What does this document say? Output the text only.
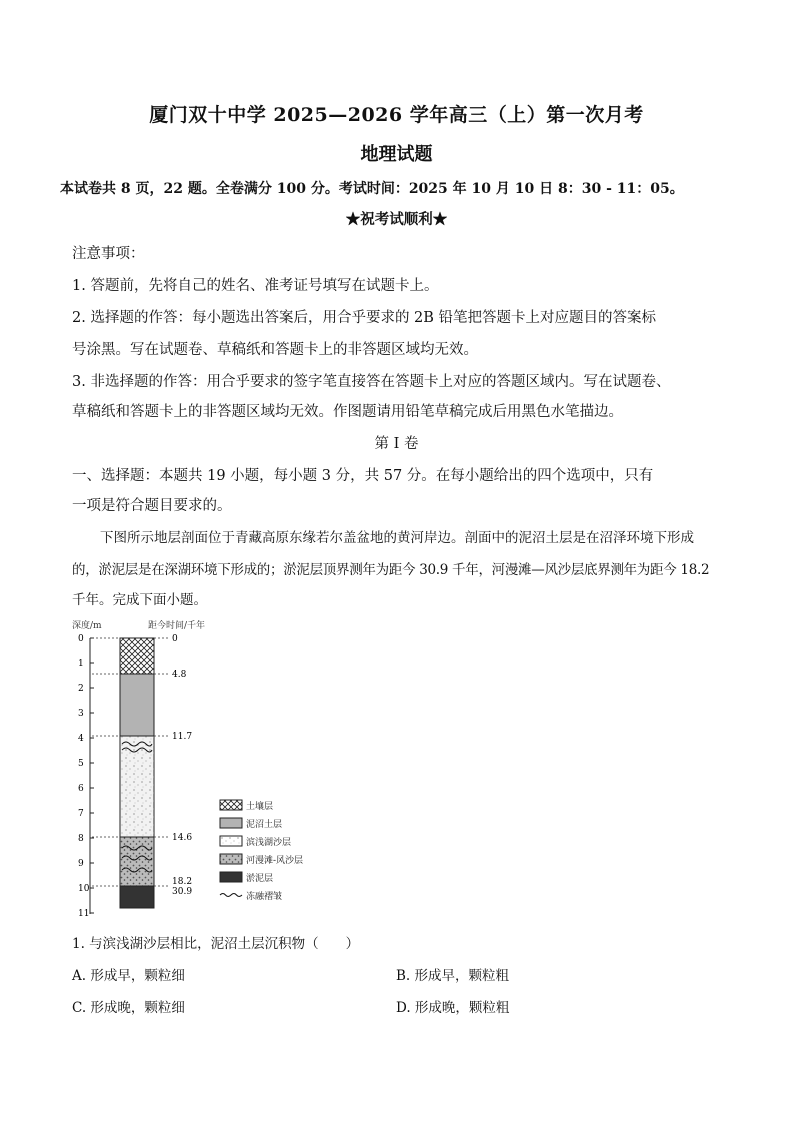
厦门双十中学 2025—2026 学年高三（上）第一次月考
地理试题
本试卷共 8 页，22 题。全卷满分 100 分。考试时间：2025 年 10 月 10 日 8：30 - 11：05。
★祝考试顺利★
注意事项：
1. 答题前，先将自己的姓名、准考证号填写在试题卡上。
2. 选择题的作答：每小题选出答案后，用合乎要求的 2B 铅笔把答题卡上对应题目的答案标
号涂黑。写在试题卷、草稿纸和答题卡上的非答题区域均无效。
3. 非选择题的作答：用合乎要求的签字笔直接答在答题卡上对应的答题区域内。写在试题卷、
草稿纸和答题卡上的非答题区域均无效。作图题请用铅笔草稿完成后用黑色水笔描边。
第 I 卷
一、选择题：本题共 19 小题，每小题 3 分，共 57 分。在每小题给出的四个选项中，只有
一项是符合题目要求的。
下图所示地层剖面位于青藏高原东缘若尔盖盆地的黄河岸边。剖面中的泥沼土层是在沼泽环境下形成
的，淤泥层是在深湖环境下形成的；淤泥层顶界测年为距今 30.9 千年，河漫滩—风沙层底界测年为距今 18.2
千年。完成下面小题。
深度/m	距今时间/千年
0
1
2
3
4
5
6
7
8
9
10
11
0
4.8
11.7
14.6
18.2
30.9
土壤层
泥沼土层
滨浅湖沙层
河漫滩-风沙层
淤泥层
冻融褶皱
1. 与滨浅湖沙层相比，泥沼土层沉积物（　　）
A. 形成早，颗粒细	B. 形成早，颗粒粗
C. 形成晚，颗粒细	D. 形成晚，颗粒粗
